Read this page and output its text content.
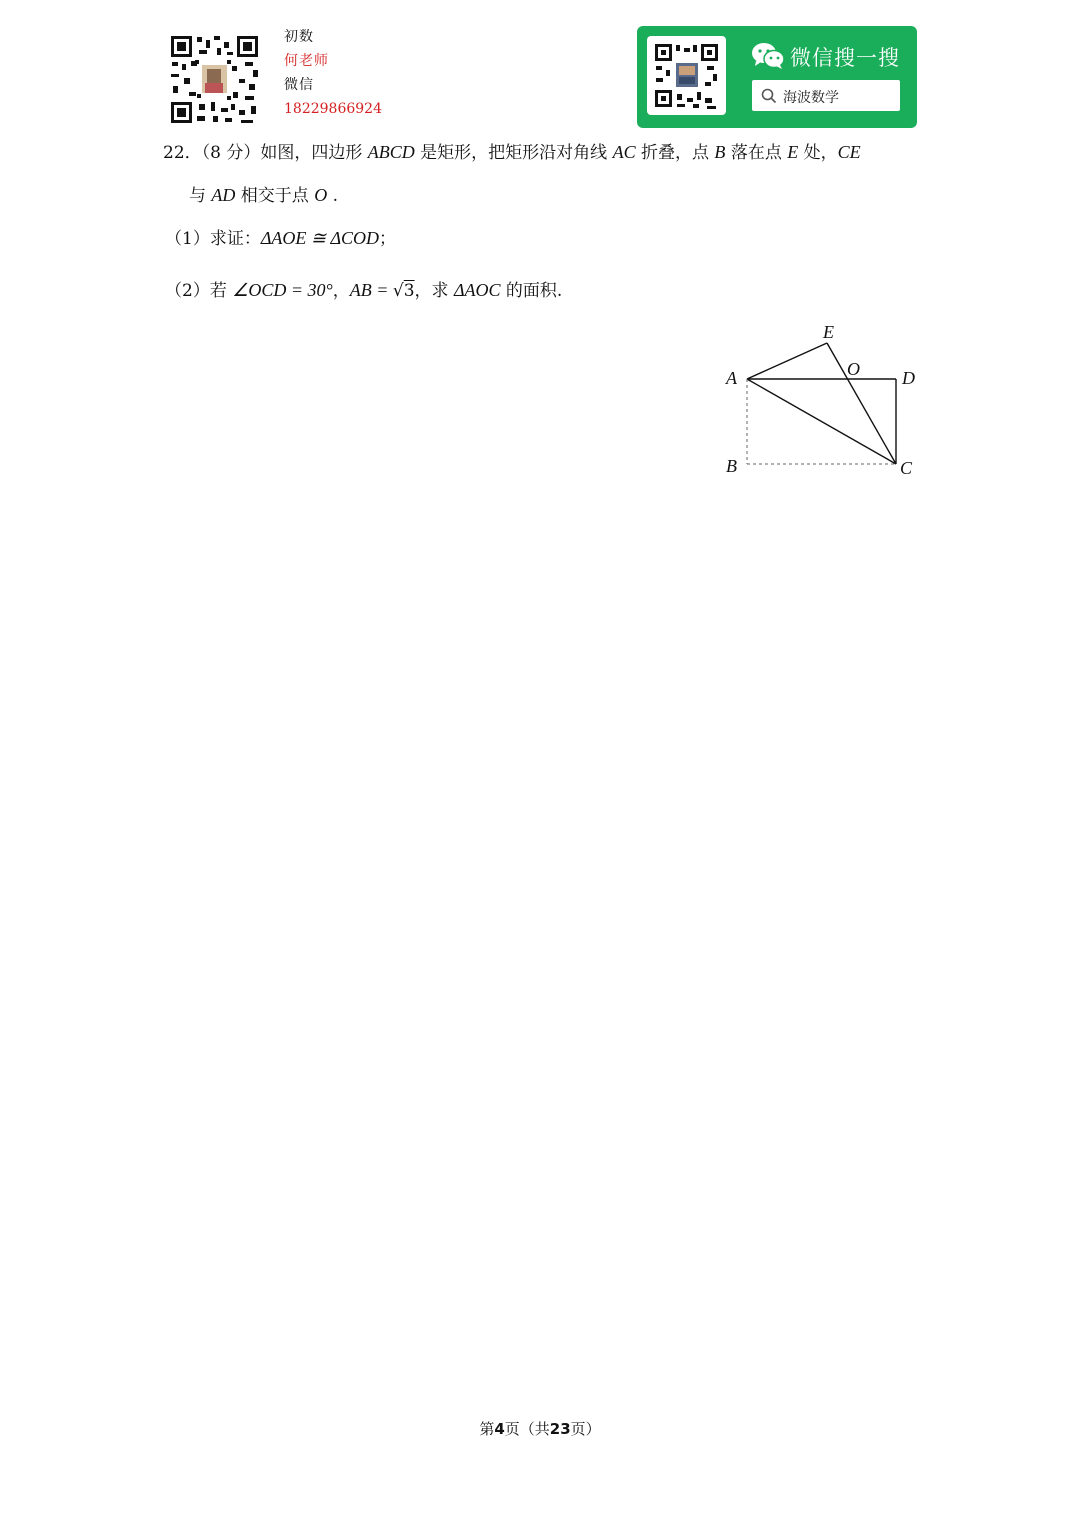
初数
何老师
微信
18229866924
微信搜一搜
海波数学
22．（8 分）如图，四边形 ABCD 是矩形，把矩形沿对角线 AC 折叠，点 B 落在点 E 处，CE
与 AD 相交于点 O .
（1）求证：ΔAOE ≅ ΔCOD；
（2）若 ∠OCD = 30°，AB = √3，求 ΔAOC 的面积.
A
B	C
D
E
O
第4页（共23页）
